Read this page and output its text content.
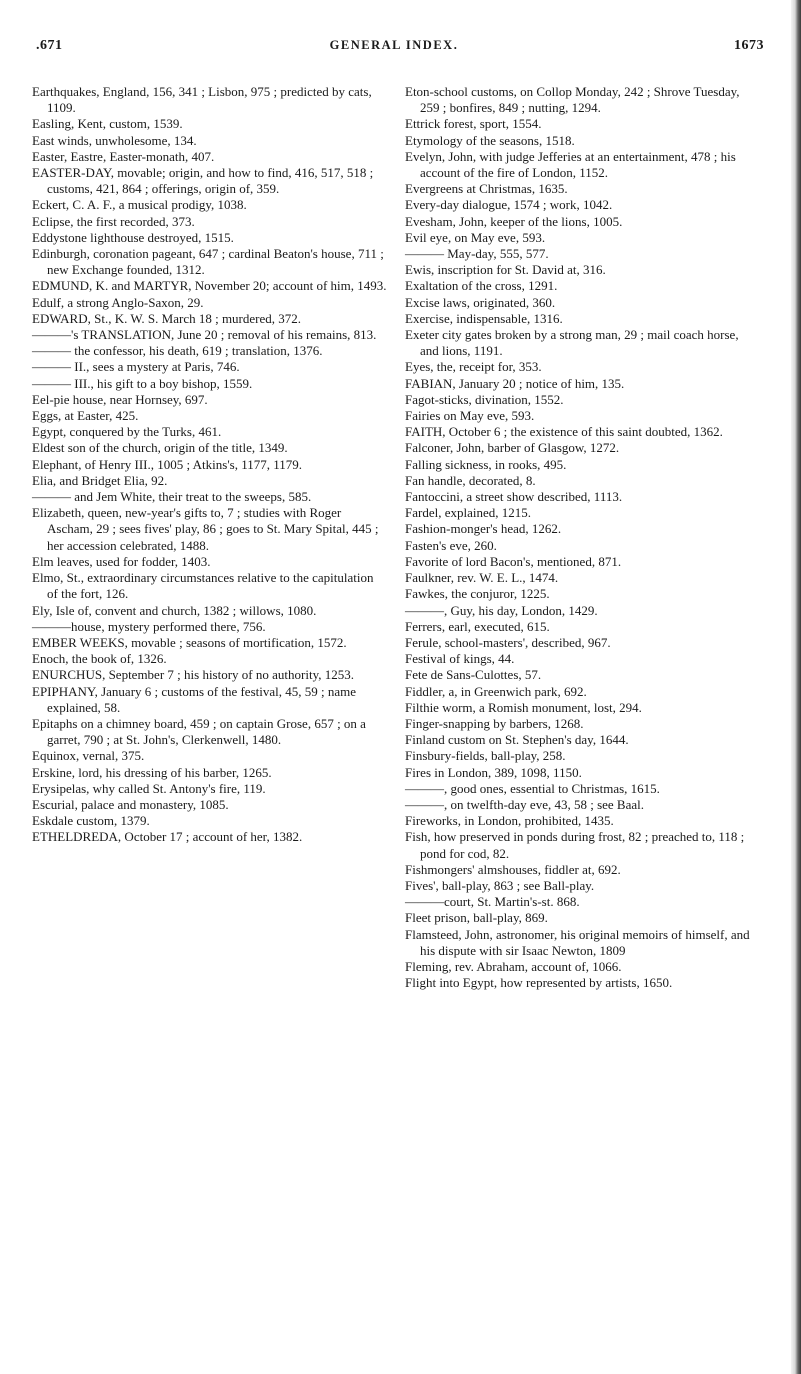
.671	GENERAL INDEX.	1673

Earthquakes, England, 156, 341 ; Lisbon, 975 ; predicted by cats, 1109.

Easling, Kent, custom, 1539.

East winds, unwholesome, 134.

Easter, Eastre, Easter-monath, 407.

EASTER-DAY, movable; origin, and how to find, 416, 517, 518 ; customs, 421, 864 ; offerings, origin of, 359.

Eckert, C. A. F., a musical prodigy, 1038.

Eclipse, the first recorded, 373.

Eddystone lighthouse destroyed, 1515.

Edinburgh, coronation pageant, 647 ; cardinal Beaton's house, 711 ; new Exchange founded, 1312.

EDMUND, K. and MARTYR, November 20; account of him, 1493.

Edulf, a strong Anglo-Saxon, 29.

EDWARD, St., K. W. S. March 18 ; murdered, 372.

———'s TRANSLATION, June 20 ; removal of his remains, 813.

——— the confessor, his death, 619 ; translation, 1376.

——— II., sees a mystery at Paris, 746.

——— III., his gift to a boy bishop, 1559.

Eel-pie house, near Hornsey, 697.

Eggs, at Easter, 425.

Egypt, conquered by the Turks, 461.

Eldest son of the church, origin of the title, 1349.

Elephant, of Henry III., 1005 ; Atkins's, 1177, 1179.

Elia, and Bridget Elia, 92.

——— and Jem White, their treat to the sweeps, 585.

Elizabeth, queen, new-year's gifts to, 7 ; studies with Roger Ascham, 29 ; sees fives' play, 86 ; goes to St. Mary Spital, 445 ; her accession celebrated, 1488.

Elm leaves, used for fodder, 1403.

Elmo, St., extraordinary circumstances relative to the capitulation of the fort, 126.

Ely, Isle of, convent and church, 1382 ; willows, 1080.

———house, mystery performed there, 756.

EMBER WEEKS, movable ; seasons of mortification, 1572.

Enoch, the book of, 1326.

ENURCHUS, September 7 ; his history of no authority, 1253.

EPIPHANY, January 6 ; customs of the festival, 45, 59 ; name explained, 58.

Epitaphs on a chimney board, 459 ; on captain Grose, 657 ; on a garret, 790 ; at St. John's, Clerkenwell, 1480.

Equinox, vernal, 375.

Erskine, lord, his dressing of his barber, 1265.

Erysipelas, why called St. Antony's fire, 119.

Escurial, palace and monastery, 1085.

Eskdale custom, 1379.

ETHELDREDA, October 17 ; account of her, 1382.

Eton-school customs, on Collop Monday, 242 ; Shrove Tuesday, 259 ; bonfires, 849 ; nutting, 1294.

Ettrick forest, sport, 1554.

Etymology of the seasons, 1518.

Evelyn, John, with judge Jefferies at an entertainment, 478 ; his account of the fire of London, 1152.

Evergreens at Christmas, 1635.

Every-day dialogue, 1574 ; work, 1042.

Evesham, John, keeper of the lions, 1005.

Evil eye, on May eve, 593.

——— May-day, 555, 577.

Ewis, inscription for St. David at, 316.

Exaltation of the cross, 1291.

Excise laws, originated, 360.

Exercise, indispensable, 1316.

Exeter city gates broken by a strong man, 29 ; mail coach horse, and lions, 1191.

Eyes, the, receipt for, 353.

FABIAN, January 20 ; notice of him, 135.

Fagot-sticks, divination, 1552.

Fairies on May eve, 593.

FAITH, October 6 ; the existence of this saint doubted, 1362.

Falconer, John, barber of Glasgow, 1272.

Falling sickness, in rooks, 495.

Fan handle, decorated, 8.

Fantoccini, a street show described, 1113.

Fardel, explained, 1215.

Fashion-monger's head, 1262.

Fasten's eve, 260.

Favorite of lord Bacon's, mentioned, 871.

Faulkner, rev. W. E. L., 1474.

Fawkes, the conjuror, 1225.

———, Guy, his day, London, 1429.

Ferrers, earl, executed, 615.

Ferule, school-masters', described, 967.

Festival of kings, 44.

Fete de Sans-Culottes, 57.

Fiddler, a, in Greenwich park, 692.

Filthie worm, a Romish monument, lost, 294.

Finger-snapping by barbers, 1268.

Finland custom on St. Stephen's day, 1644.

Finsbury-fields, ball-play, 258.

Fires in London, 389, 1098, 1150.

———, good ones, essential to Christmas, 1615.

———, on twelfth-day eve, 43, 58 ; see Baal.

Fireworks, in London, prohibited, 1435.

Fish, how preserved in ponds during frost, 82 ; preached to, 118 ; pond for cod, 82.

Fishmongers' almshouses, fiddler at, 692.

Fives', ball-play, 863 ; see Ball-play.

———court, St. Martin's-st. 868.

Fleet prison, ball-play, 869.

Flamsteed, John, astronomer, his original memoirs of himself, and his dispute with sir Isaac Newton, 1809

Fleming, rev. Abraham, account of, 1066.

Flight into Egypt, how represented by artists, 1650.
